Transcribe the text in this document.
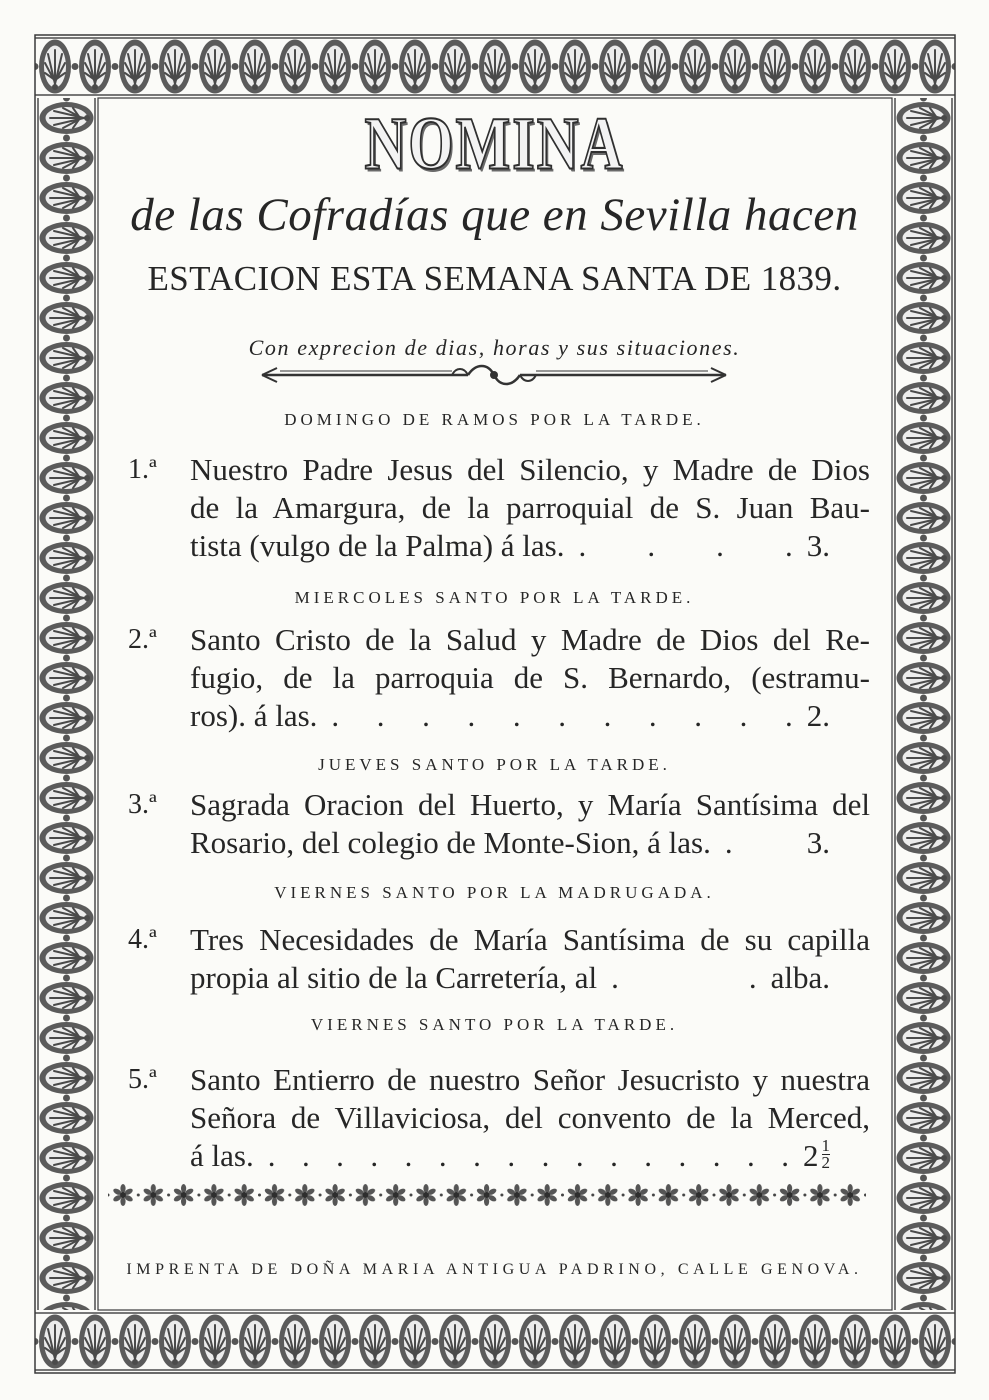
NOMINA
de las Cofradías que en Sevilla hacen
ESTACION ESTA SEMANA SANTA DE 1839.
Con exprecion de dias, horas y sus situaciones.
DOMINGO DE RAMOS POR LA TARDE.
1.ª	Nuestro Padre Jesus del Silencio, y Madre de Dios
de la Amargura, de la parroquial de S. Juan Bau-
tista (vulgo de la Palma) á las. . . . . 3.
MIERCOLES SANTO POR LA TARDE.
2.ª	Santo Cristo de la Salud y Madre de Dios del Re-
fugio, de la parroquia de S. Bernardo, (estramu-
ros). á las. . . . . . . . . . . . 2.
JUEVES SANTO POR LA TARDE.
3.ª	Sagrada Oracion del Huerto, y María Santísima del
Rosario, del colegio de Monte-Sion, á las. .	3.
VIERNES SANTO POR LA MADRUGADA.
4.ª	Tres Necesidades de María Santísima de su capilla
propia al sitio de la Carretería, al . . alba.
VIERNES SANTO POR LA TARDE.
5.ª	Santo Entierro de nuestro Señor Jesucristo y nuestra
Señora de Villaviciosa, del convento de la Merced,
á las. . . . . . . . . . . . . . . . . $2 \frac{1}{2}$
IMPRENTA DE DOÑA MARIA ANTIGUA PADRINO, CALLE GENOVA.
